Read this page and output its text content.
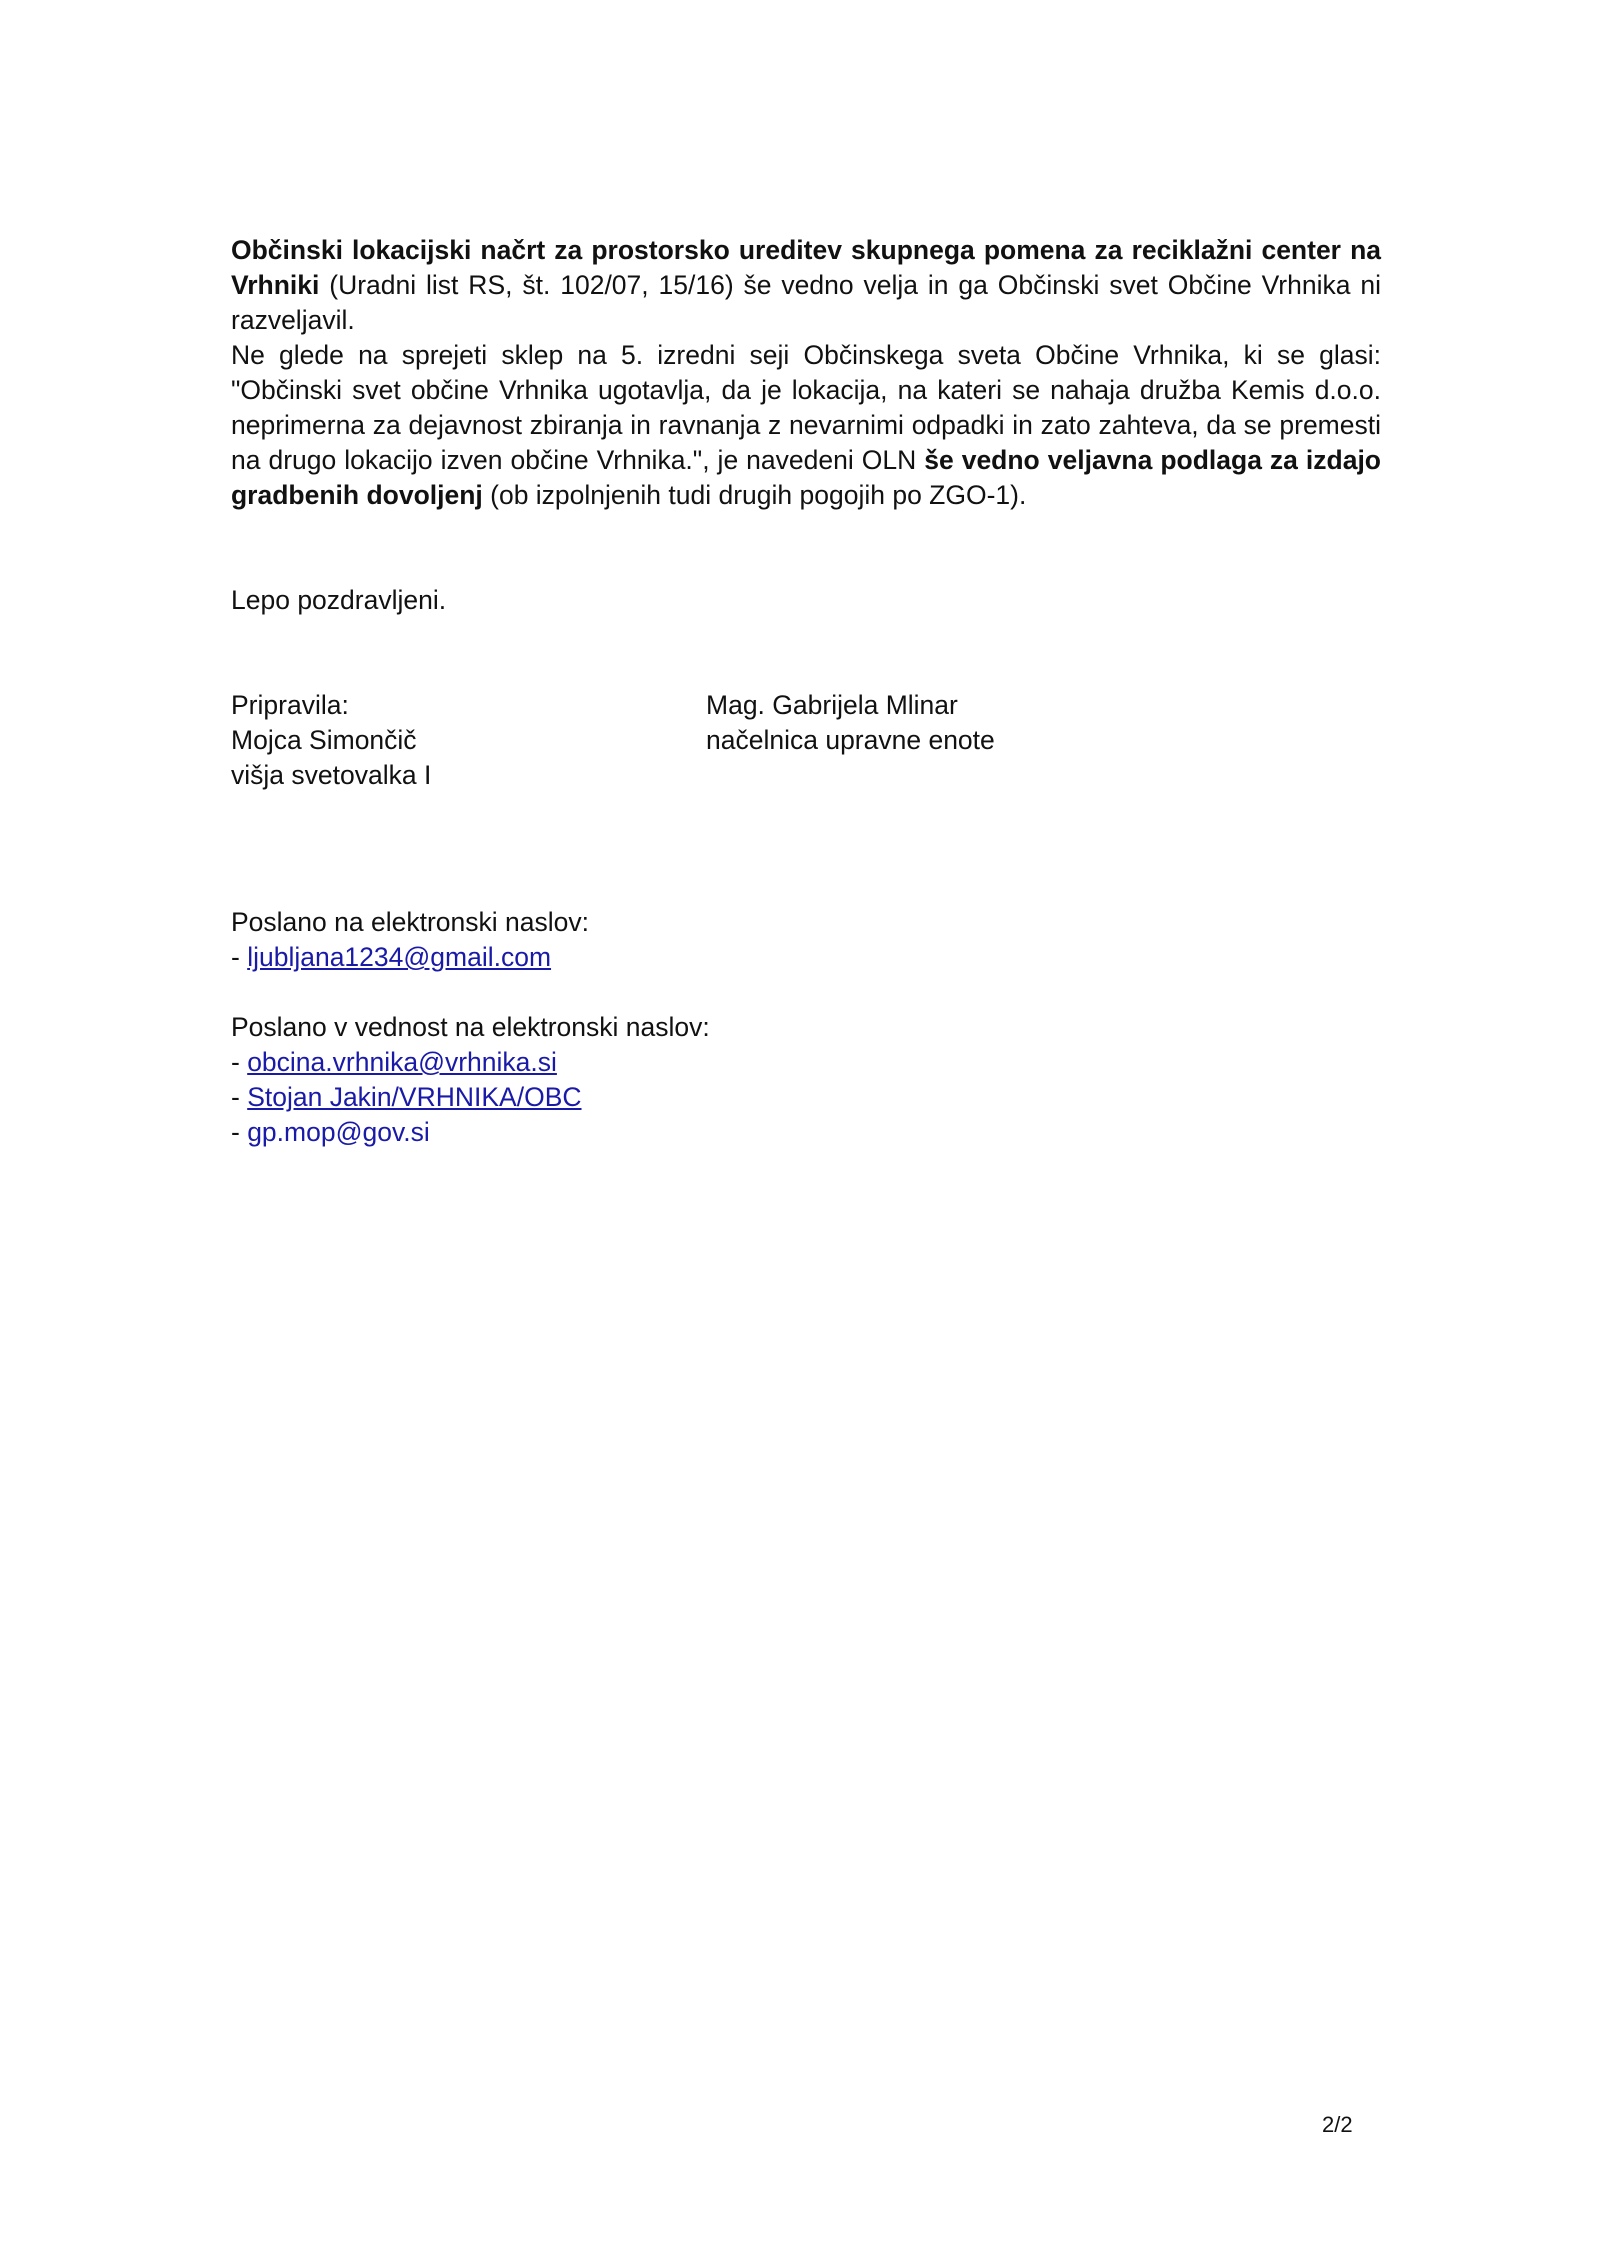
Občinski lokacijski načrt za prostorsko ureditev skupnega pomena za reciklažni center na Vrhniki (Uradni list RS, št. 102/07, 15/16) še vedno velja in ga Občinski svet Občine Vrhnika ni razveljavil.

Ne glede na sprejeti sklep na 5. izredni seji Občinskega sveta Občine Vrhnika, ki se glasi: "Občinski svet občine Vrhnika ugotavlja, da je lokacija, na kateri se nahaja družba Kemis d.o.o. neprimerna za dejavnost zbiranja in ravnanja z nevarnimi odpadki in zato zahteva, da se premesti na drugo lokacijo izven občine Vrhnika.", je navedeni OLN še vedno veljavna podlaga za izdajo gradbenih dovoljenj (ob izpolnjenih tudi drugih pogojih po ZGO-1).

Lepo pozdravljeni.

Pripravila:
Mojca Simončič
višja svetovalka I
Mag. Gabrijela Mlinar
načelnica upravne enote
Poslano na elektronski naslov:
- ljubljana1234@gmail.com
Poslano v vednost na elektronski naslov:
- obcina.vrhnika@vrhnika.si
- Stojan Jakin/VRHNIKA/OBC
- gp.mop@gov.si
2/2
